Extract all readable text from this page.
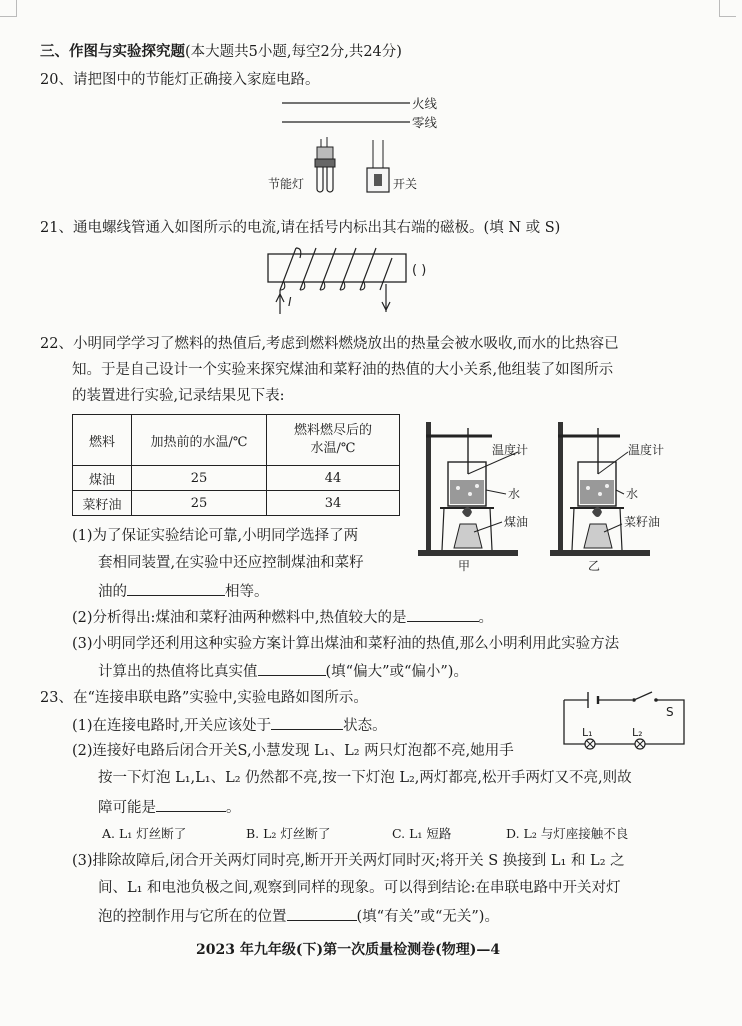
三、作图与实验探究题(本大题共5小题,每空2分,共24分)
20、请把图中的节能灯正确接入家庭电路。
火线
零线
节能灯	开关
21、通电螺线管通入如图所示的电流,请在括号内标出其右端的磁极。(填 N 或 S)
I
( )
22、小明同学学习了燃料的热值后,考虑到燃料燃烧放出的热量会被水吸收,而水的比热容已
知。于是自己设计一个实验来探究煤油和菜籽油的热值的大小关系,他组装了如图所示
的装置进行实验,记录结果见下表:
燃料	加热前的水温/℃	燃料燃尽后的
水温/℃
煤油	25	44
菜籽油	25	34
温度计
水
煤油
甲
温度计
水
菜籽油
乙
(1)为了保证实验结论可靠,小明同学选择了两
套相同装置,在实验中还应控制煤油和菜籽
油的	相等。
(2)分析得出:煤油和菜籽油两种燃料中,热值较大的是	。
(3)小明同学还利用这种实验方案计算出煤油和菜籽油的热值,那么小明利用此实验方法
计算出的热值将比真实值	(填“偏大”或“偏小”)。
23、在“连接串联电路”实验中,实验电路如图所示。
S
L₁	L₂
(1)在连接电路时,开关应该处于	状态。
(2)连接好电路后闭合开关S,小慧发现 L₁、L₂ 两只灯泡都不亮,她用手
按一下灯泡 L₁,L₁、L₂ 仍然都不亮,按一下灯泡 L₂,两灯都亮,松开手两灯又不亮,则故
障可能是	。
A. L₁ 灯丝断了	B. L₂ 灯丝断了	C. L₁ 短路	D. L₂ 与灯座接触不良
(3)排除故障后,闭合开关两灯同时亮,断开开关两灯同时灭;将开关 S 换接到 L₁ 和 L₂ 之
间、L₁ 和电池负极之间,观察到同样的现象。可以得到结论:在串联电路中开关对灯
泡的控制作用与它所在的位置	(填“有关”或“无关”)。
2023 年九年级(下)第一次质量检测卷(物理)—4
